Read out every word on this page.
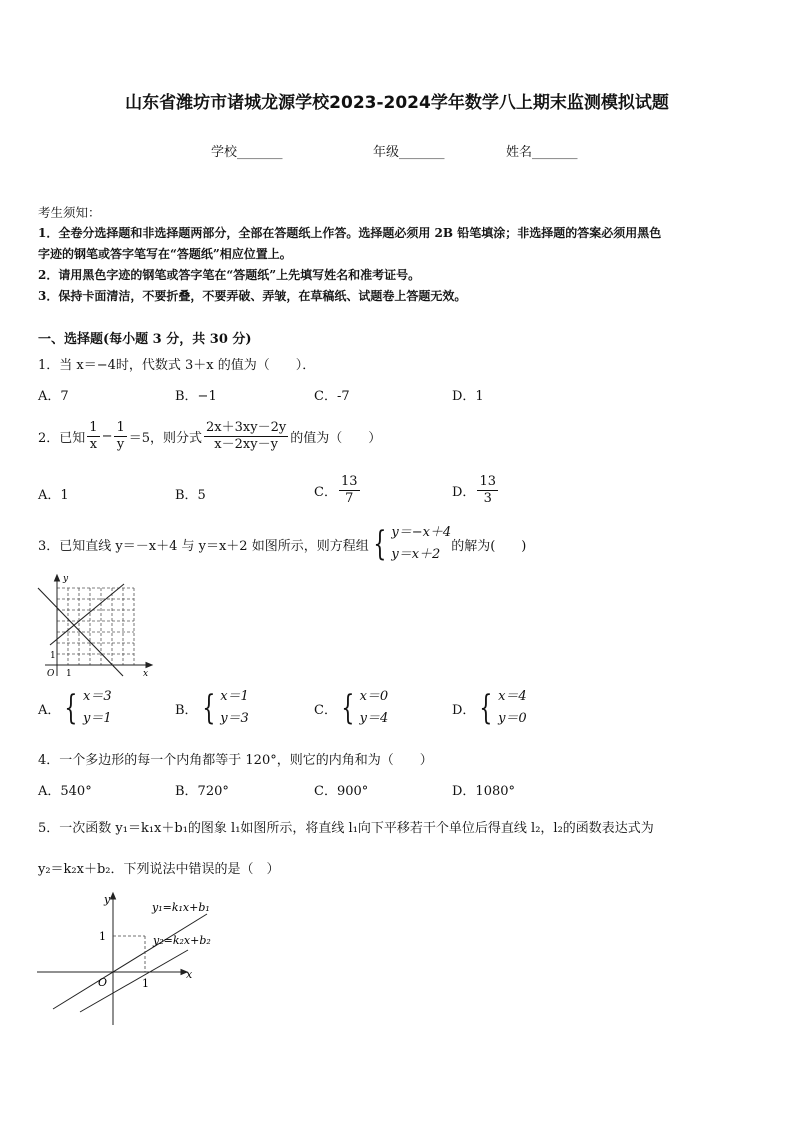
山东省潍坊市诸城龙源学校2023-2024学年数学八上期末监测模拟试题
学校_______	年级_______	姓名_______
考生须知：
1．全卷分选择题和非选择题两部分，全部在答题纸上作答。选择题必须用 2B 铅笔填涂；非选择题的答案必须用黑色
字迹的钢笔或答字笔写在“答题纸”相应位置上。
2．请用黑色字迹的钢笔或答字笔在“答题纸”上先填写姓名和准考证号。
3．保持卡面清洁，不要折叠，不要弄破、弄皱，在草稿纸、试题卷上答题无效。
一、选择题(每小题 3 分，共 30 分)
1．当 x＝−4时，代数式 3＋x 的值为（　　）．
A．7	B．−1	C．-7	D．1
2．已知 $\frac{1}{x} - \frac{1}{y} =5$，则分式 $\frac{2x+3xy-2y}{x-2xy-y}$ 的值为（　　）
A．1	B．5	C． $\frac{13}{7}$	D． $\frac{13}{3}$
3．已知直线 y＝－x＋4 与 y＝x＋2 如图所示，则方程组 { y＝−x＋4
y＝x＋2
的解为(　　)
y
x
O 1
1
A． { x＝3
y＝1
B． { x＝1
y＝3
C． { x＝0
y＝4
D． { x＝4
y＝0
4．一个多边形的每一个内角都等于 120°，则它的内角和为（　　）
A．540°	B．720°	C．900°	D．1080°
5．一次函数 y₁＝k₁x＋b₁的图象 l₁如图所示，将直线 l₁向下平移若干个单位后得直线 l₂，l₂的函数表达式为
y₂＝k₂x＋b₂．下列说法中错误的是（　）
y
x
O	1
1
y₁=k₁x+b₁
y₂=k₂x+b₂
